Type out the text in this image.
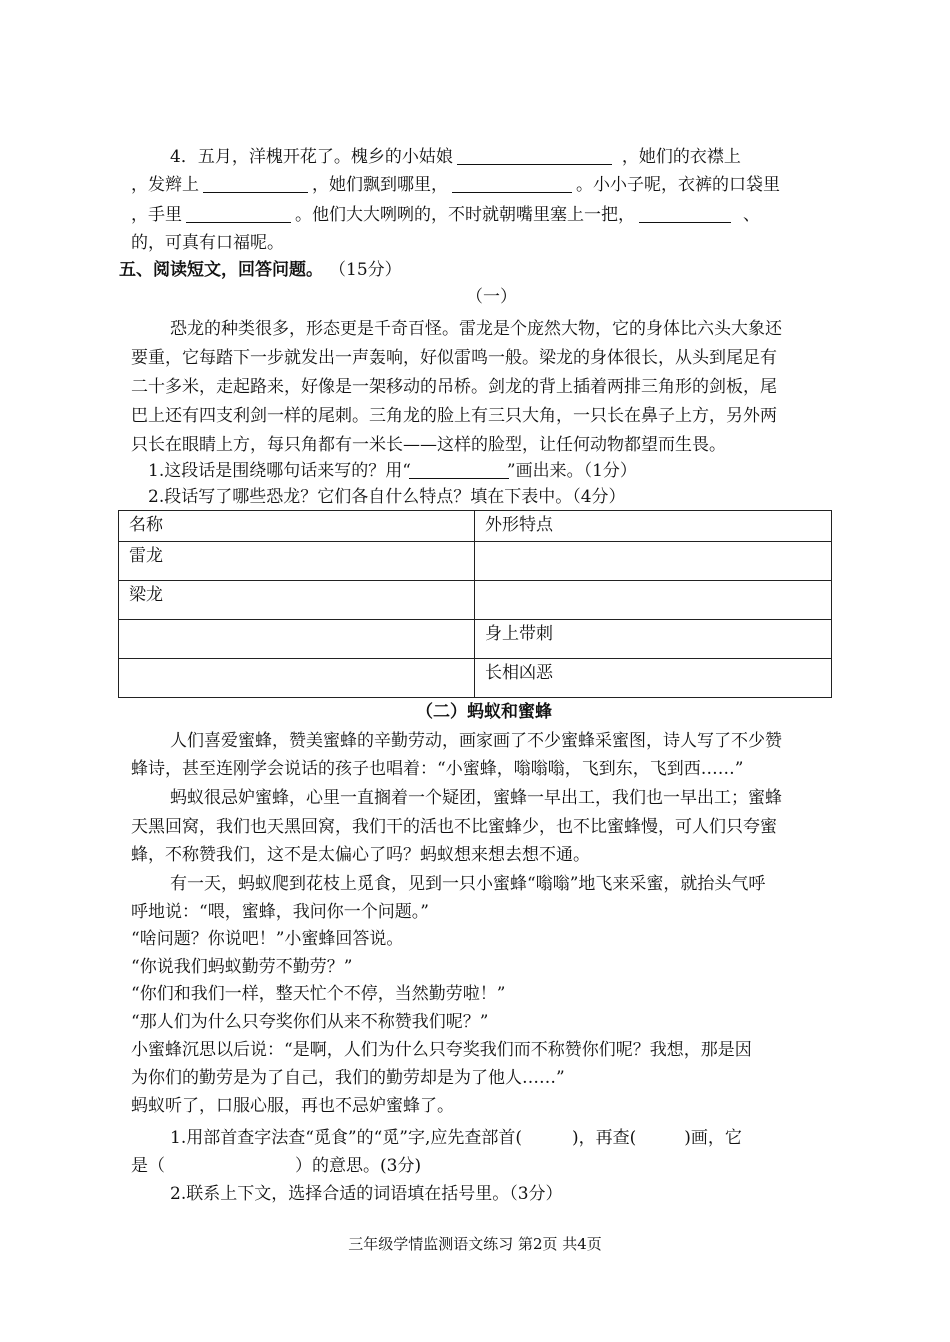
4．五月，洋槐开花了。槐乡的小姑娘	，她们的衣襟上
，发辫上	，她们飘到哪里，	。小小子呢，衣裤的口袋里
，手里	。他们大大咧咧的，不时就朝嘴里塞上一把，	、
的，可真有口福呢。
五、阅读短文，回答问题。 （15分）
（一）
恐龙的种类很多，形态更是千奇百怪。雷龙是个庞然大物，它的身体比六头大象还
要重，它每踏下一步就发出一声轰响，好似雷鸣一般。梁龙的身体很长，从头到尾足有
二十多米，走起路来，好像是一架移动的吊桥。剑龙的背上插着两排三角形的剑板，尾
巴上还有四支利剑一样的尾刺。三角龙的脸上有三只大角，一只长在鼻子上方，另外两
只长在眼睛上方，每只角都有一米长——这样的脸型，让任何动物都望而生畏。
1.这段话是围绕哪句话来写的？用“	”画出来。（1分）
2.段话写了哪些恐龙？它们各自什么特点？填在下表中。（4分）
名称	外形特点
雷龙	
梁龙	
	身上带刺
	长相凶恶
（二）蚂蚁和蜜蜂
人们喜爱蜜蜂，赞美蜜蜂的辛勤劳动，画家画了不少蜜蜂采蜜图，诗人写了不少赞
蜂诗，甚至连刚学会说话的孩子也唱着：“小蜜蜂，嗡嗡嗡，飞到东，飞到西……”
蚂蚁很忌妒蜜蜂，心里一直搁着一个疑团，蜜蜂一早出工，我们也一早出工；蜜蜂
天黑回窝，我们也天黑回窝，我们干的活也不比蜜蜂少，也不比蜜蜂慢，可人们只夸蜜
蜂，不称赞我们，这不是太偏心了吗？蚂蚁想来想去想不通。
有一天，蚂蚁爬到花枝上觅食，见到一只小蜜蜂“嗡嗡”地飞来采蜜，就抬头气呼
呼地说：“喂，蜜蜂，我问你一个问题。”
“啥问题？你说吧！”小蜜蜂回答说。
“你说我们蚂蚁勤劳不勤劳？”
“你们和我们一样，整天忙个不停，当然勤劳啦！”
“那人们为什么只夸奖你们从来不称赞我们呢？”
小蜜蜂沉思以后说：“是啊，人们为什么只夸奖我们而不称赞你们呢？我想，那是因
为你们的勤劳是为了自己，我们的勤劳却是为了他人……”
蚂蚁听了，口服心服，再也不忌妒蜜蜂了。
1.用部首查字法查“觅食”的“觅”字,应先查部首(	)，再查(	)画，它
是（	）的意思。(3分)
2.联系上下文，选择合适的词语填在括号里。（3分）
三年级学情监测语文练习 第2页 共4页
